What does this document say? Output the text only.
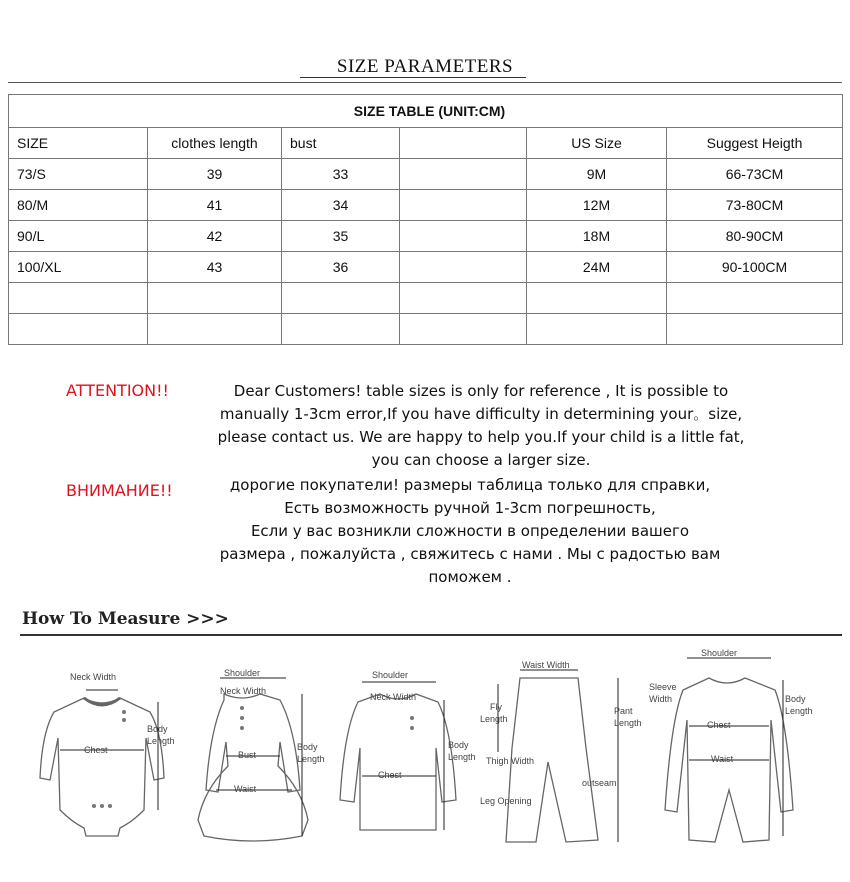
SIZE PARAMETERS
SIZE TABLE (UNIT:CM)					
SIZE	clothes length	bust		US Size	Suggest Heigth
73/S	39	33		9M	66-73CM
80/M	41	34		12M	73-80CM
90/L	42	35		18M	80-90CM
100/XL	43	36		24M	90-100CM

ATTENTION!!	Dear Customers! table sizes is only for reference , It is possible to
manually 1-3cm error,If you have difficulty in determining your。size,
please contact us. We are happy to help you.If your child is a little fat,
you can choose a larger size.
ВНИМАНИЕ!!	дорогие покупатели! размеры таблица только для справки,
Есть возможность ручной 1-3cm погрешность,
Если у вас возникли сложности в определении вашего
размера , пожалуйста , свяжитесь с нами . Мы с радостью вам
поможем .
How To Measure >>>
Neck Width
Body
Length
Chest
Shoulder
Neck Width
Bust
Waist
Body
Length
Shoulder
Neck Width
Chest
Body
Length
Waist Width
Fly
Length
Pant
Length
Thigh Width
outseam
Leg Opening
Shoulder
Sleeve
Width	Body
Length
Chest
Waist
